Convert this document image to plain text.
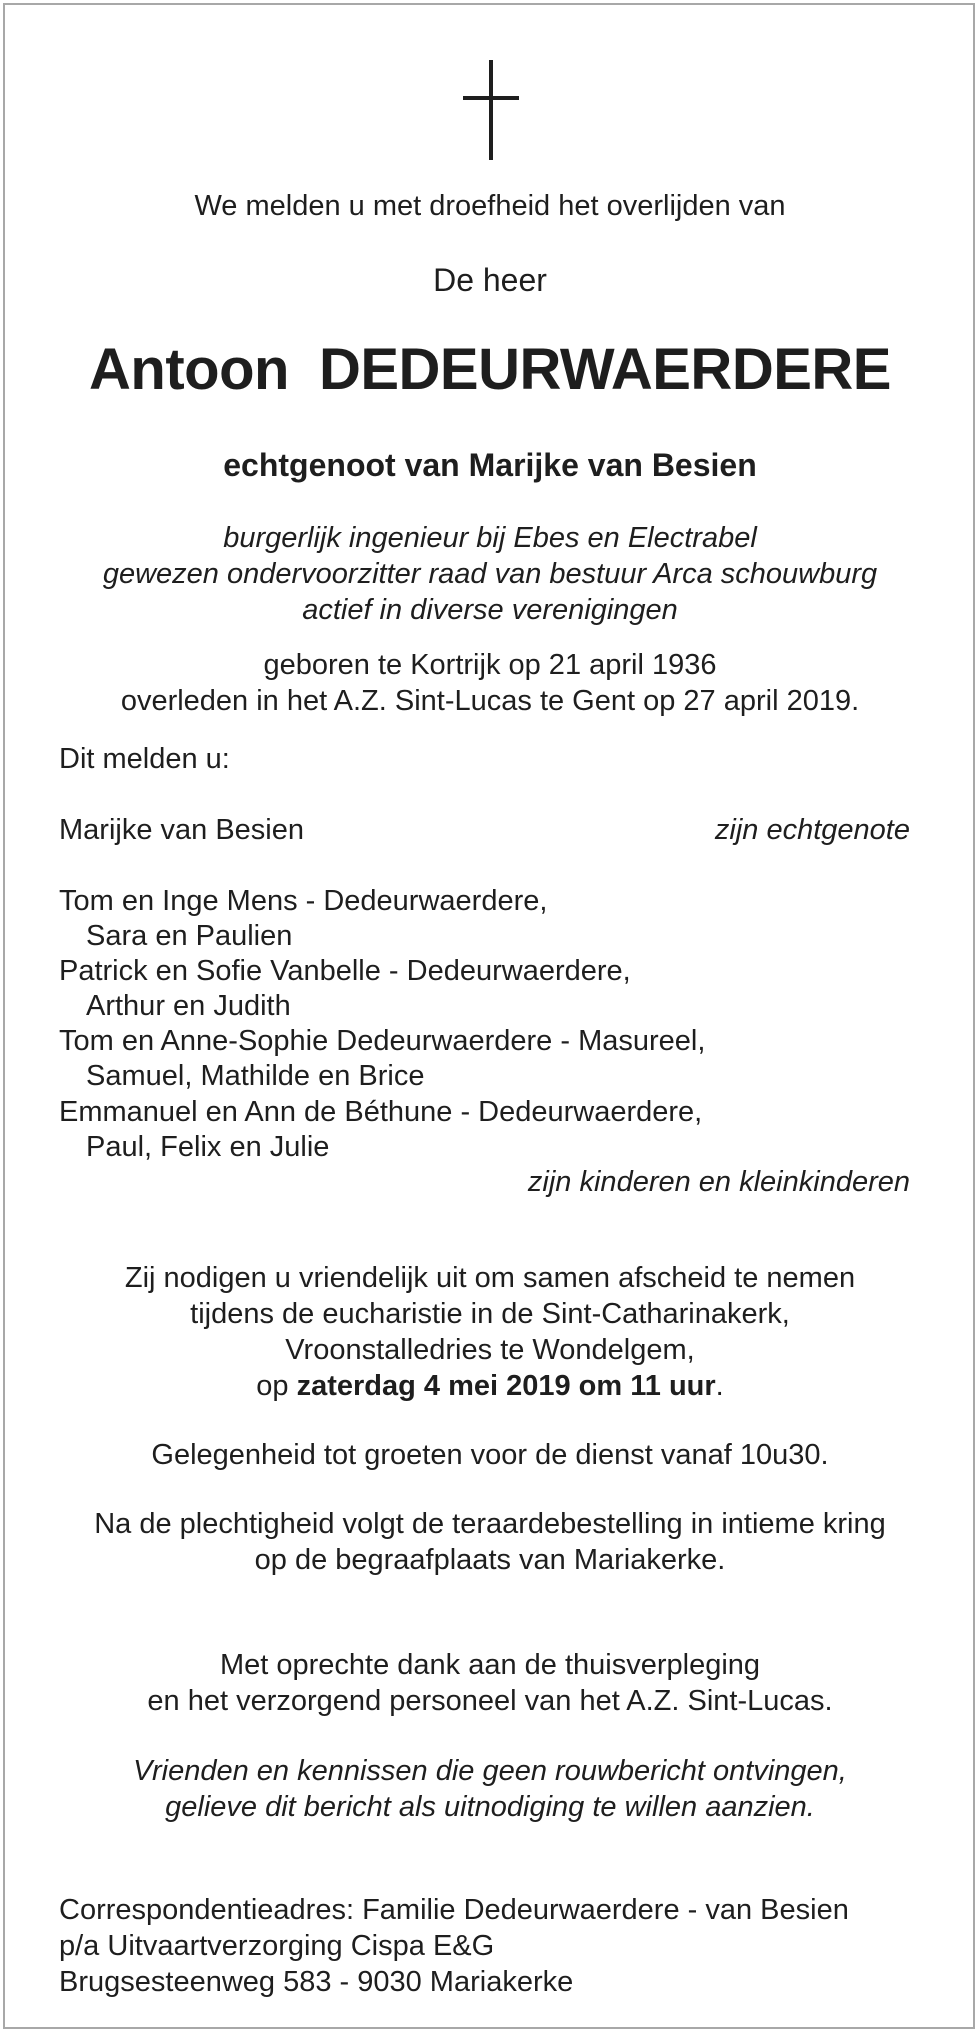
We melden u met droefheid het overlijden van
De heer
Antoon DEDEURWAERDERE
echtgenoot van Marijke van Besien
burgerlijk ingenieur bij Ebes en Electrabel
gewezen ondervoorzitter raad van bestuur Arca schouwburg
actief in diverse verenigingen
geboren te Kortrijk op 21 april 1936
overleden in het A.Z. Sint-Lucas te Gent op 27 april 2019.
Dit melden u:
Marijke van Besien	zijn echtgenote
Tom en Inge Mens - Dedeurwaerdere,
Sara en Paulien
Patrick en Sofie Vanbelle - Dedeurwaerdere,
Arthur en Judith
Tom en Anne-Sophie Dedeurwaerdere - Masureel,
Samuel, Mathilde en Brice
Emmanuel en Ann de Béthune - Dedeurwaerdere,
Paul, Felix en Julie
zijn kinderen en kleinkinderen
Zij nodigen u vriendelijk uit om samen afscheid te nemen
tijdens de eucharistie in de Sint-Catharinakerk,
Vroonstalledries te Wondelgem,
op zaterdag 4 mei 2019 om 11 uur.
Gelegenheid tot groeten voor de dienst vanaf 10u30.
Na de plechtigheid volgt de teraardebestelling in intieme kring
op de begraafplaats van Mariakerke.
Met oprechte dank aan de thuisverpleging
en het verzorgend personeel van het A.Z. Sint-Lucas.
Vrienden en kennissen die geen rouwbericht ontvingen,
gelieve dit bericht als uitnodiging te willen aanzien.
Correspondentieadres: Familie Dedeurwaerdere - van Besien
p/a Uitvaartverzorging Cispa E&G
Brugsesteenweg 583 - 9030 Mariakerke
